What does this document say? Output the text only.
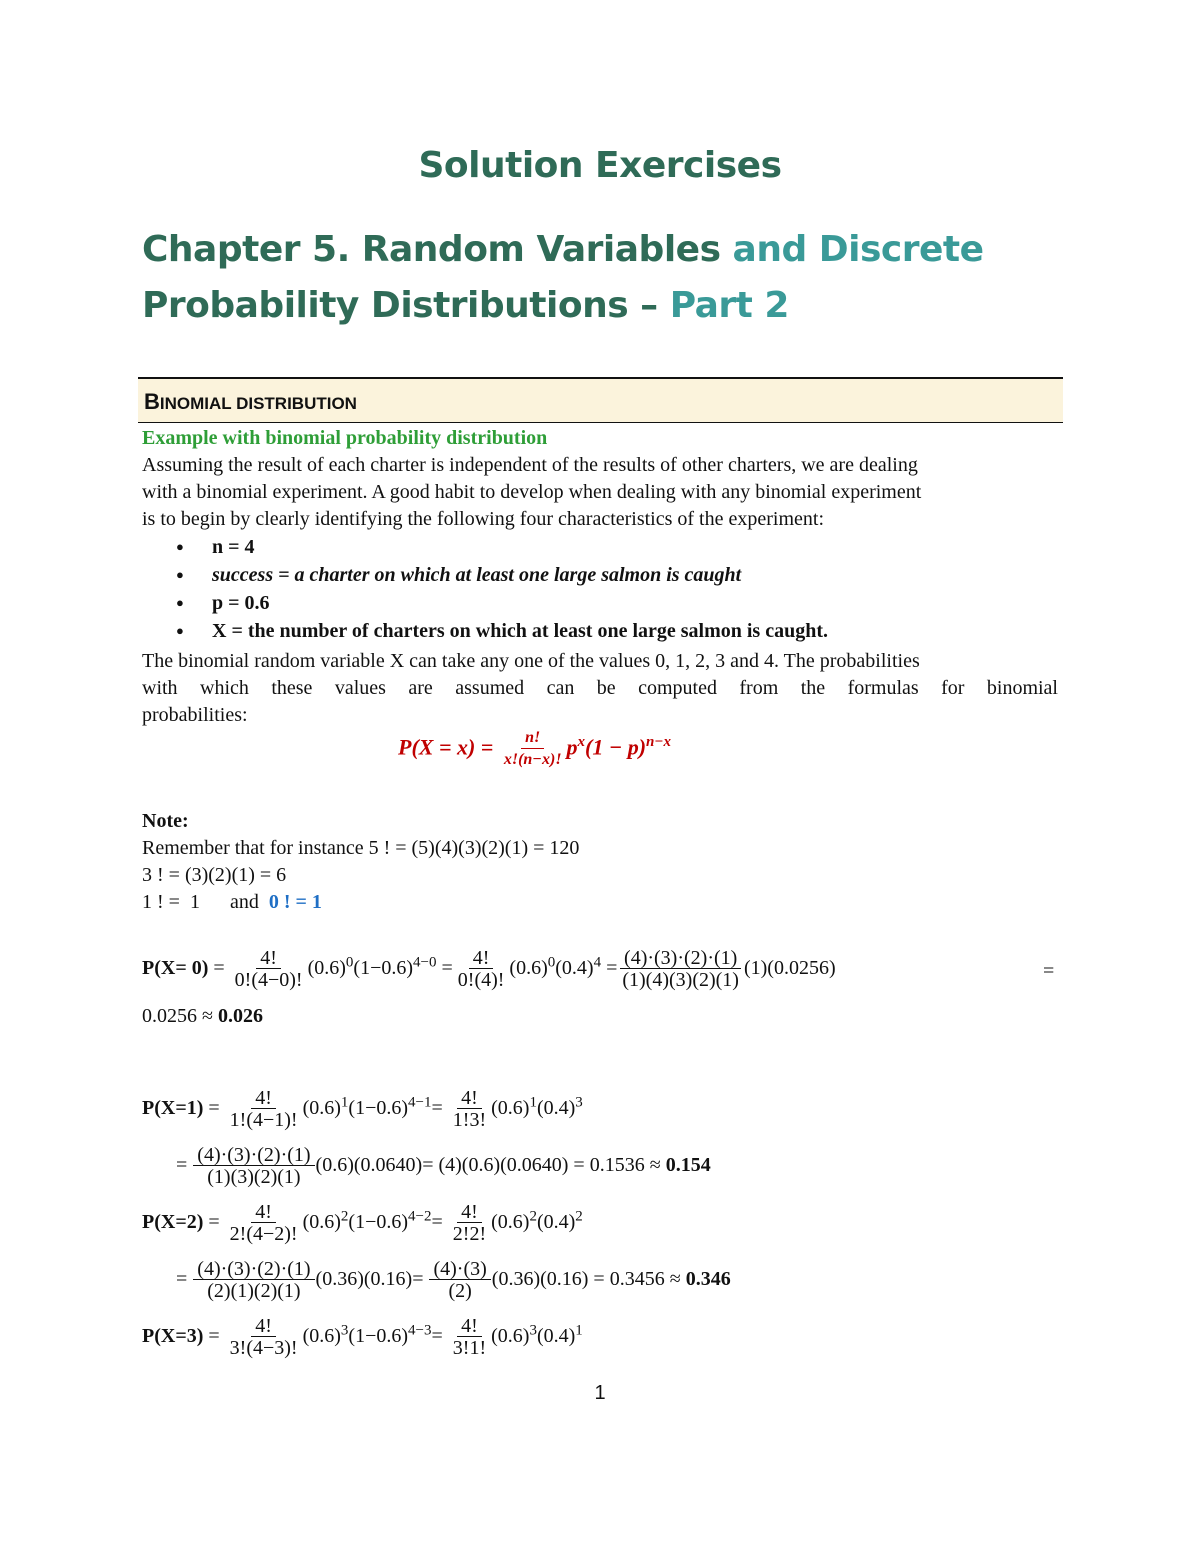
Solution Exercises
Chapter 5. Random Variables and Discrete
Probability Distributions – Part 2
BINOMIAL DISTRIBUTION
Example with binomial probability distribution
Assuming the result of each charter is independent of the results of other charters, we are dealing
with a binomial experiment. A good habit to develop when dealing with any binomial experiment
is to begin by clearly identifying the following four characteristics of the experiment:
● n = 4
● success = a charter on which at least one large salmon is caught
● p = 0.6
● X = the number of charters on which at least one large salmon is caught.
The binomial random variable X can take any one of the values 0, 1, 2, 3 and 4. The probabilities
with which these values are assumed can be computed from the formulas for binomial
probabilities:
$P(X = x) = \frac{n!}{x!(n-x)!} p^x(1 - p)^{n-x}$
Note:
Remember that for instance 5 ! = (5)(4)(3)(2)(1) = 120
3 ! = (3)(2)(1) = 6
1 ! =  1      and  0 ! = 1
$P(X= 0) = \frac{4!}{0!(4-0)!} (0.6)^0(1-0.6)^{4-0} = \frac{4!}{0!(4)!} (0.6)^0(0.4)^4 = \frac{(4)\cdot(3)\cdot(2)\cdot(1)}{(1)(4)(3)(2)(1)} (1)(0.0256)$	=
0.0256 ≈ 0.026
$P(X=1) = \frac{4!}{1!(4-1)!} (0.6)^1(1-0.6)^{4-1}= \frac{4!}{1!3!} (0.6)^1(0.4)^3$
= $\frac{(4)\cdot(3)\cdot(2)\cdot(1)}{(1)(3)(2)(1)} (0.6)(0.0640)= (4)(0.6)(0.0640) = 0.1536 \approx 0.154$
$P(X=2) = \frac{4!}{2!(4-2)!} (0.6)^2(1-0.6)^{4-2}= \frac{4!}{2!2!} (0.6)^2(0.4)^2$
= $\frac{(4)\cdot(3)\cdot(2)\cdot(1)}{(2)(1)(2)(1)} (0.36)(0.16)= \frac{(4)\cdot(3)}{(2)} (0.36)(0.16) = 0.3456 \approx 0.346$
$P(X=3) = \frac{4!}{3!(4-3)!} (0.6)^3(1-0.6)^{4-3}= \frac{4!}{3!1!} (0.6)^3(0.4)^1$
1
